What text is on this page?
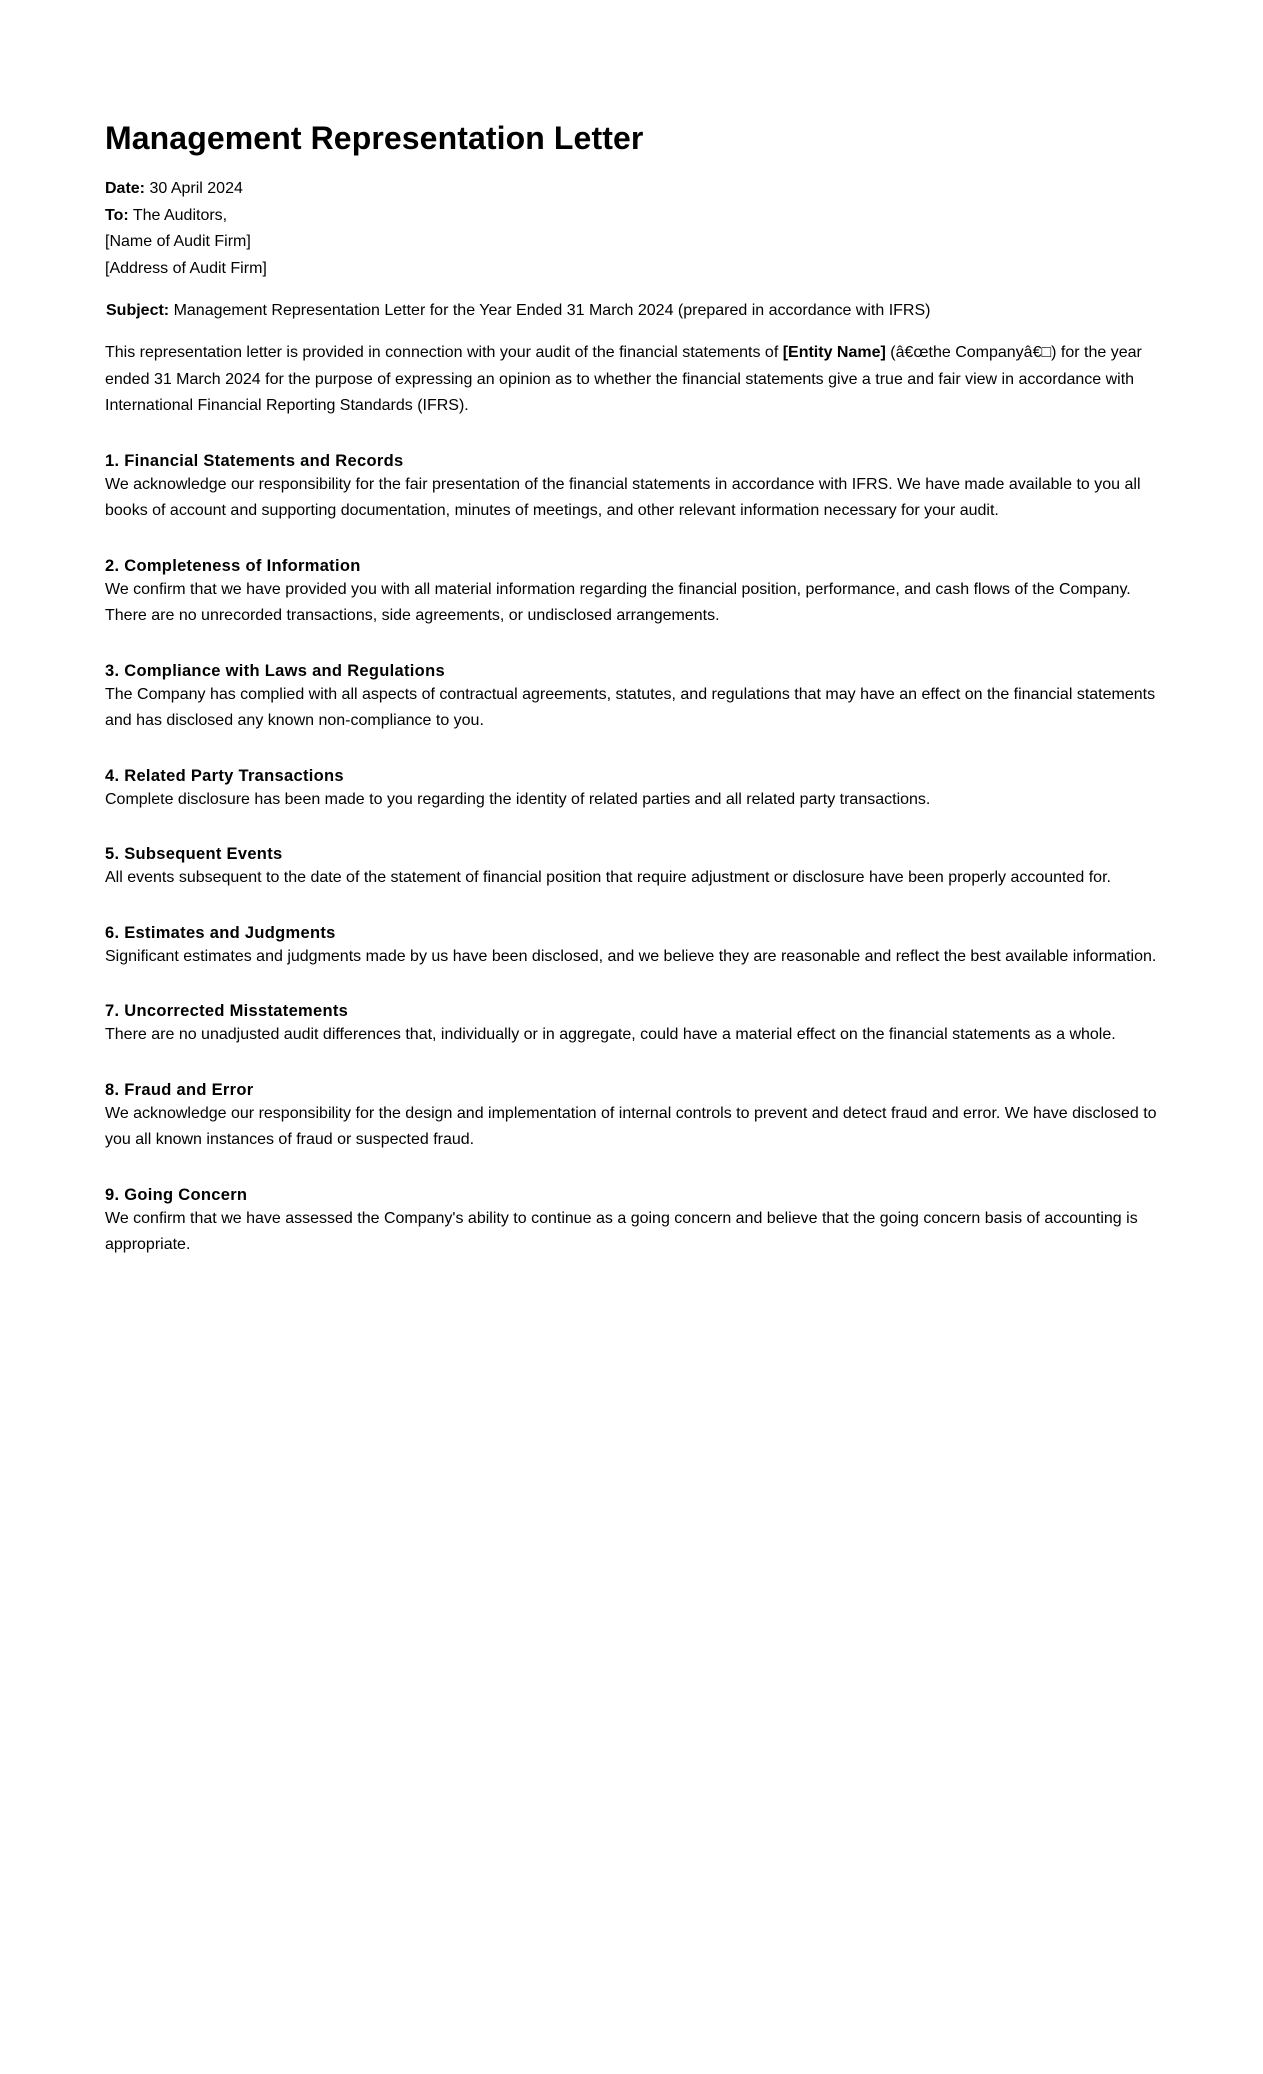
Management Representation Letter

Date: 30 April 2024

To: The Auditors,

[Name of Audit Firm]

[Address of Audit Firm]

Subject: Management Representation Letter for the Year Ended 31 March 2024 (prepared in accordance with IFRS)

This representation letter is provided in connection with your audit of the financial statements of [Entity Name] (â€œthe Companyâ€□) for the year ended 31 March 2024 for the purpose of expressing an opinion as to whether the financial statements give a true and fair view in accordance with International Financial Reporting Standards (IFRS).

1. Financial Statements and Records

We acknowledge our responsibility for the fair presentation of the financial statements in accordance with IFRS. We have made available to you all books of account and supporting documentation, minutes of meetings, and other relevant information necessary for your audit.

2. Completeness of Information

We confirm that we have provided you with all material information regarding the financial position, performance, and cash flows of the Company. There are no unrecorded transactions, side agreements, or undisclosed arrangements.

3. Compliance with Laws and Regulations

The Company has complied with all aspects of contractual agreements, statutes, and regulations that may have an effect on the financial statements and has disclosed any known non-compliance to you.

4. Related Party Transactions

Complete disclosure has been made to you regarding the identity of related parties and all related party transactions.

5. Subsequent Events

All events subsequent to the date of the statement of financial position that require adjustment or disclosure have been properly accounted for.

6. Estimates and Judgments

Significant estimates and judgments made by us have been disclosed, and we believe they are reasonable and reflect the best available information.

7. Uncorrected Misstatements

There are no unadjusted audit differences that, individually or in aggregate, could have a material effect on the financial statements as a whole.

8. Fraud and Error

We acknowledge our responsibility for the design and implementation of internal controls to prevent and detect fraud and error. We have disclosed to you all known instances of fraud or suspected fraud.

9. Going Concern

We confirm that we have assessed the Company's ability to continue as a going concern and believe that the going concern basis of accounting is appropriate.
